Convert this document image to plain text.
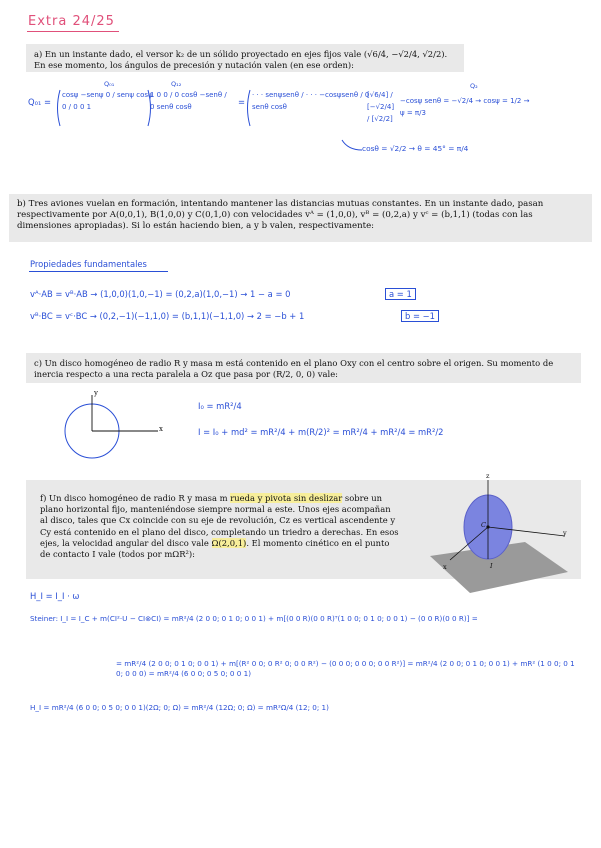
Extra 24/25
a) En un instante dado, el versor k₂ de un sólido proyectado en ejes fijos vale (√6/4, −√2/4, √2/2). En ese momento, los ángulos de precesión y nutación valen (en ese orden):
Q₀₁	Q₁₂	Q₂
Q₀₁ =
cosψ −senψ 0 / senψ cosψ 0 / 0 0 1
1 0 0 / 0 cosθ −senθ / 0 senθ cosθ	=
· · · senψsenθ / · · · −cosψsenθ / 0 senθ cosθ
[√6/4] / [−√2/4] / [√2/2]
−cosψ senθ = −√2/4 → cosψ = 1/2 → ψ = π/3
cosθ = √2/2 → θ = 45° = π/4
b) Tres aviones vuelan en formación, intentando mantener las distancias mutuas constantes. En un instante dado, pasan respectivamente por A(0,0,1), B(1,0,0) y C(0,1,0) con velocidades vᴬ = (1,0,0), vᴮ = (0,2,a) y vᶜ = (b,1,1) (todas con las dimensiones apropiadas). Si lo están haciendo bien, a y b valen, respectivamente:
Propiedades fundamentales
vᴬ·AB = vᴮ·AB → (1,0,0)(1,0,−1) = (0,2,a)(1,0,−1) → 1 − a = 0	a = 1
vᴮ·BC = vᶜ·BC → (0,2,−1)(−1,1,0) = (b,1,1)(−1,1,0) → 2 = −b + 1	b = −1
c) Un disco homogéneo de radio R y masa m está contenido en el plano Oxy con el centro sobre el origen. Su momento de inercia respecto a una recta paralela a Oz que pasa por (R/2, 0, 0) vale:
x
y
I₀ = mR²/4
I = I₀ + md² = mR²/4 + m(R/2)² = mR²/4 + mR²/4 = mR²/2
f) Un disco homogéneo de radio R y masa m rueda y pivota sin deslizar sobre un plano horizontal fijo, manteniéndose siempre normal a este. Unos ejes acompañan al disco, tales que Cx coincide con su eje de revolución, Cz es vertical ascendente y Cy está contenido en el plano del disco, completando un triedro a derechas. En esos ejes, la velocidad angular del disco vale Ω(2,0,1). El momento cinético en el punto de contacto I vale (todos por mΩR²):
z
y
x
C
I
H_I = I_I · ω
Steiner: I_I = I_C + m(CI²·U − CI⊗CI) = mR²/4 (2 0 0; 0 1 0; 0 0 1) + m[(0 0 R)(0 0 R)ᵀ(1 0 0; 0 1 0; 0 0 1) − (0 0 R)(0 0 R)] =
= mR²/4 (2 0 0; 0 1 0; 0 0 1) + m[(R² 0 0; 0 R² 0; 0 0 R²) − (0 0 0; 0 0 0; 0 0 R²)] = mR²/4 (2 0 0; 0 1 0; 0 0 1) + mR² (1 0 0; 0 1 0; 0 0 0) = mR²/4 (6 0 0; 0 5 0; 0 0 1)
H_I = mR²/4 (6 0 0; 0 5 0; 0 0 1)(2Ω; 0; Ω) = mR²/4 (12Ω; 0; Ω) = mR²Ω/4 (12; 0; 1)
